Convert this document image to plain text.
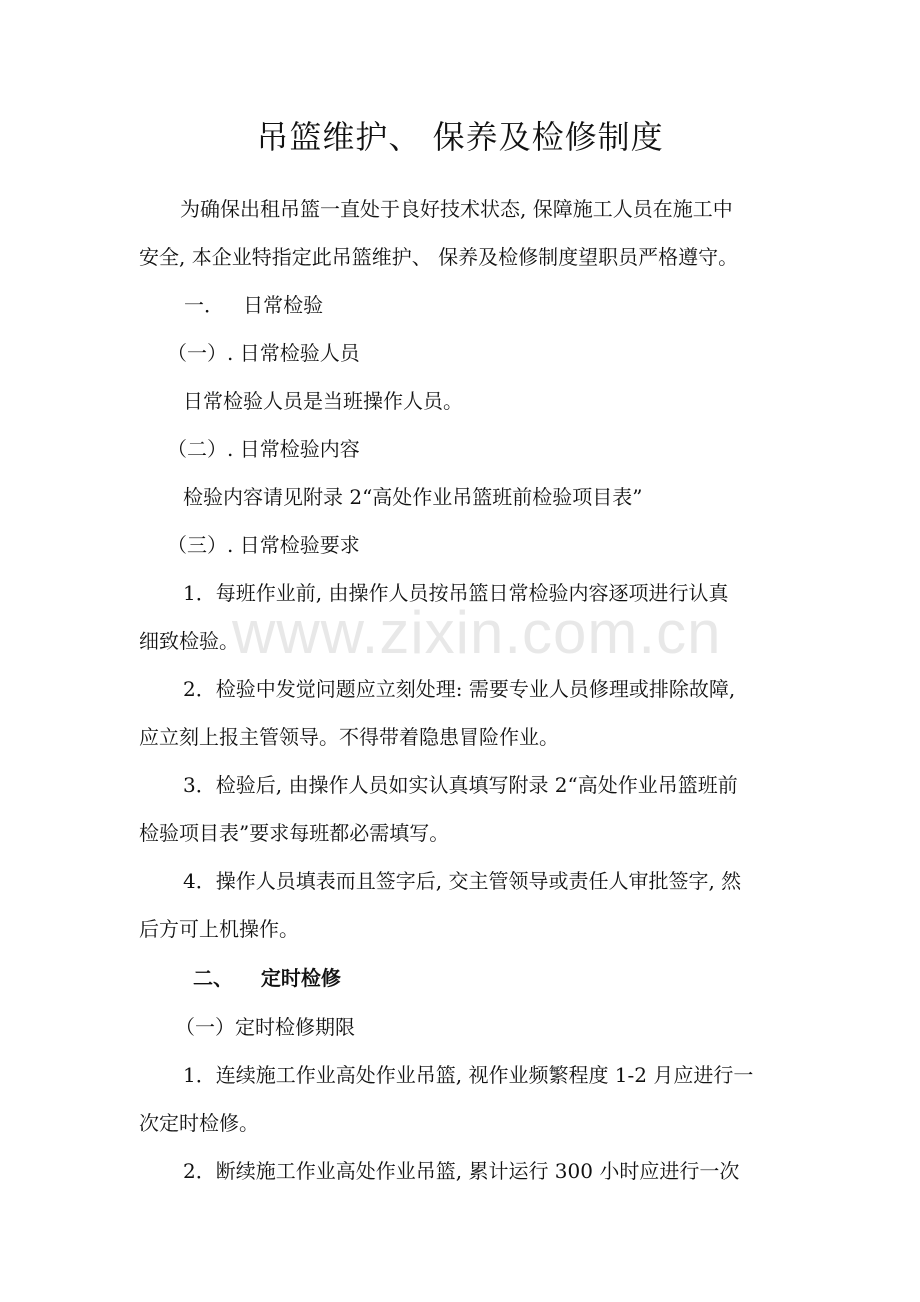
吊篮维护、 保养及检修制度
为确保出租吊篮一直处于良好技术状态, 保障施工人员在施工中
安全, 本企业特指定此吊篮维护、 保养及检修制度望职员严格遵守。
一．   日常检验
（一）. 日常检验人员
日常检验人员是当班操作人员。
（二）. 日常检验内容
检验内容请见附录 2“高处作业吊篮班前检验项目表”
（三）. 日常检验要求
1．每班作业前, 由操作人员按吊篮日常检验内容逐项进行认真
细致检验。
2．检验中发觉问题应立刻处理: 需要专业人员修理或排除故障,
应立刻上报主管领导。不得带着隐患冒险作业。
3．检验后, 由操作人员如实认真填写附录 2“高处作业吊篮班前
检验项目表”要求每班都必需填写。
4．操作人员填表而且签字后, 交主管领导或责任人审批签字, 然
后方可上机操作。
二、    定时检修
（一）定时检修期限
1．连续施工作业高处作业吊篮, 视作业频繁程度 1-2 月应进行一
次定时检修。
2．断续施工作业高处作业吊篮, 累计运行 300 小时应进行一次
www.zixin.com.cn
